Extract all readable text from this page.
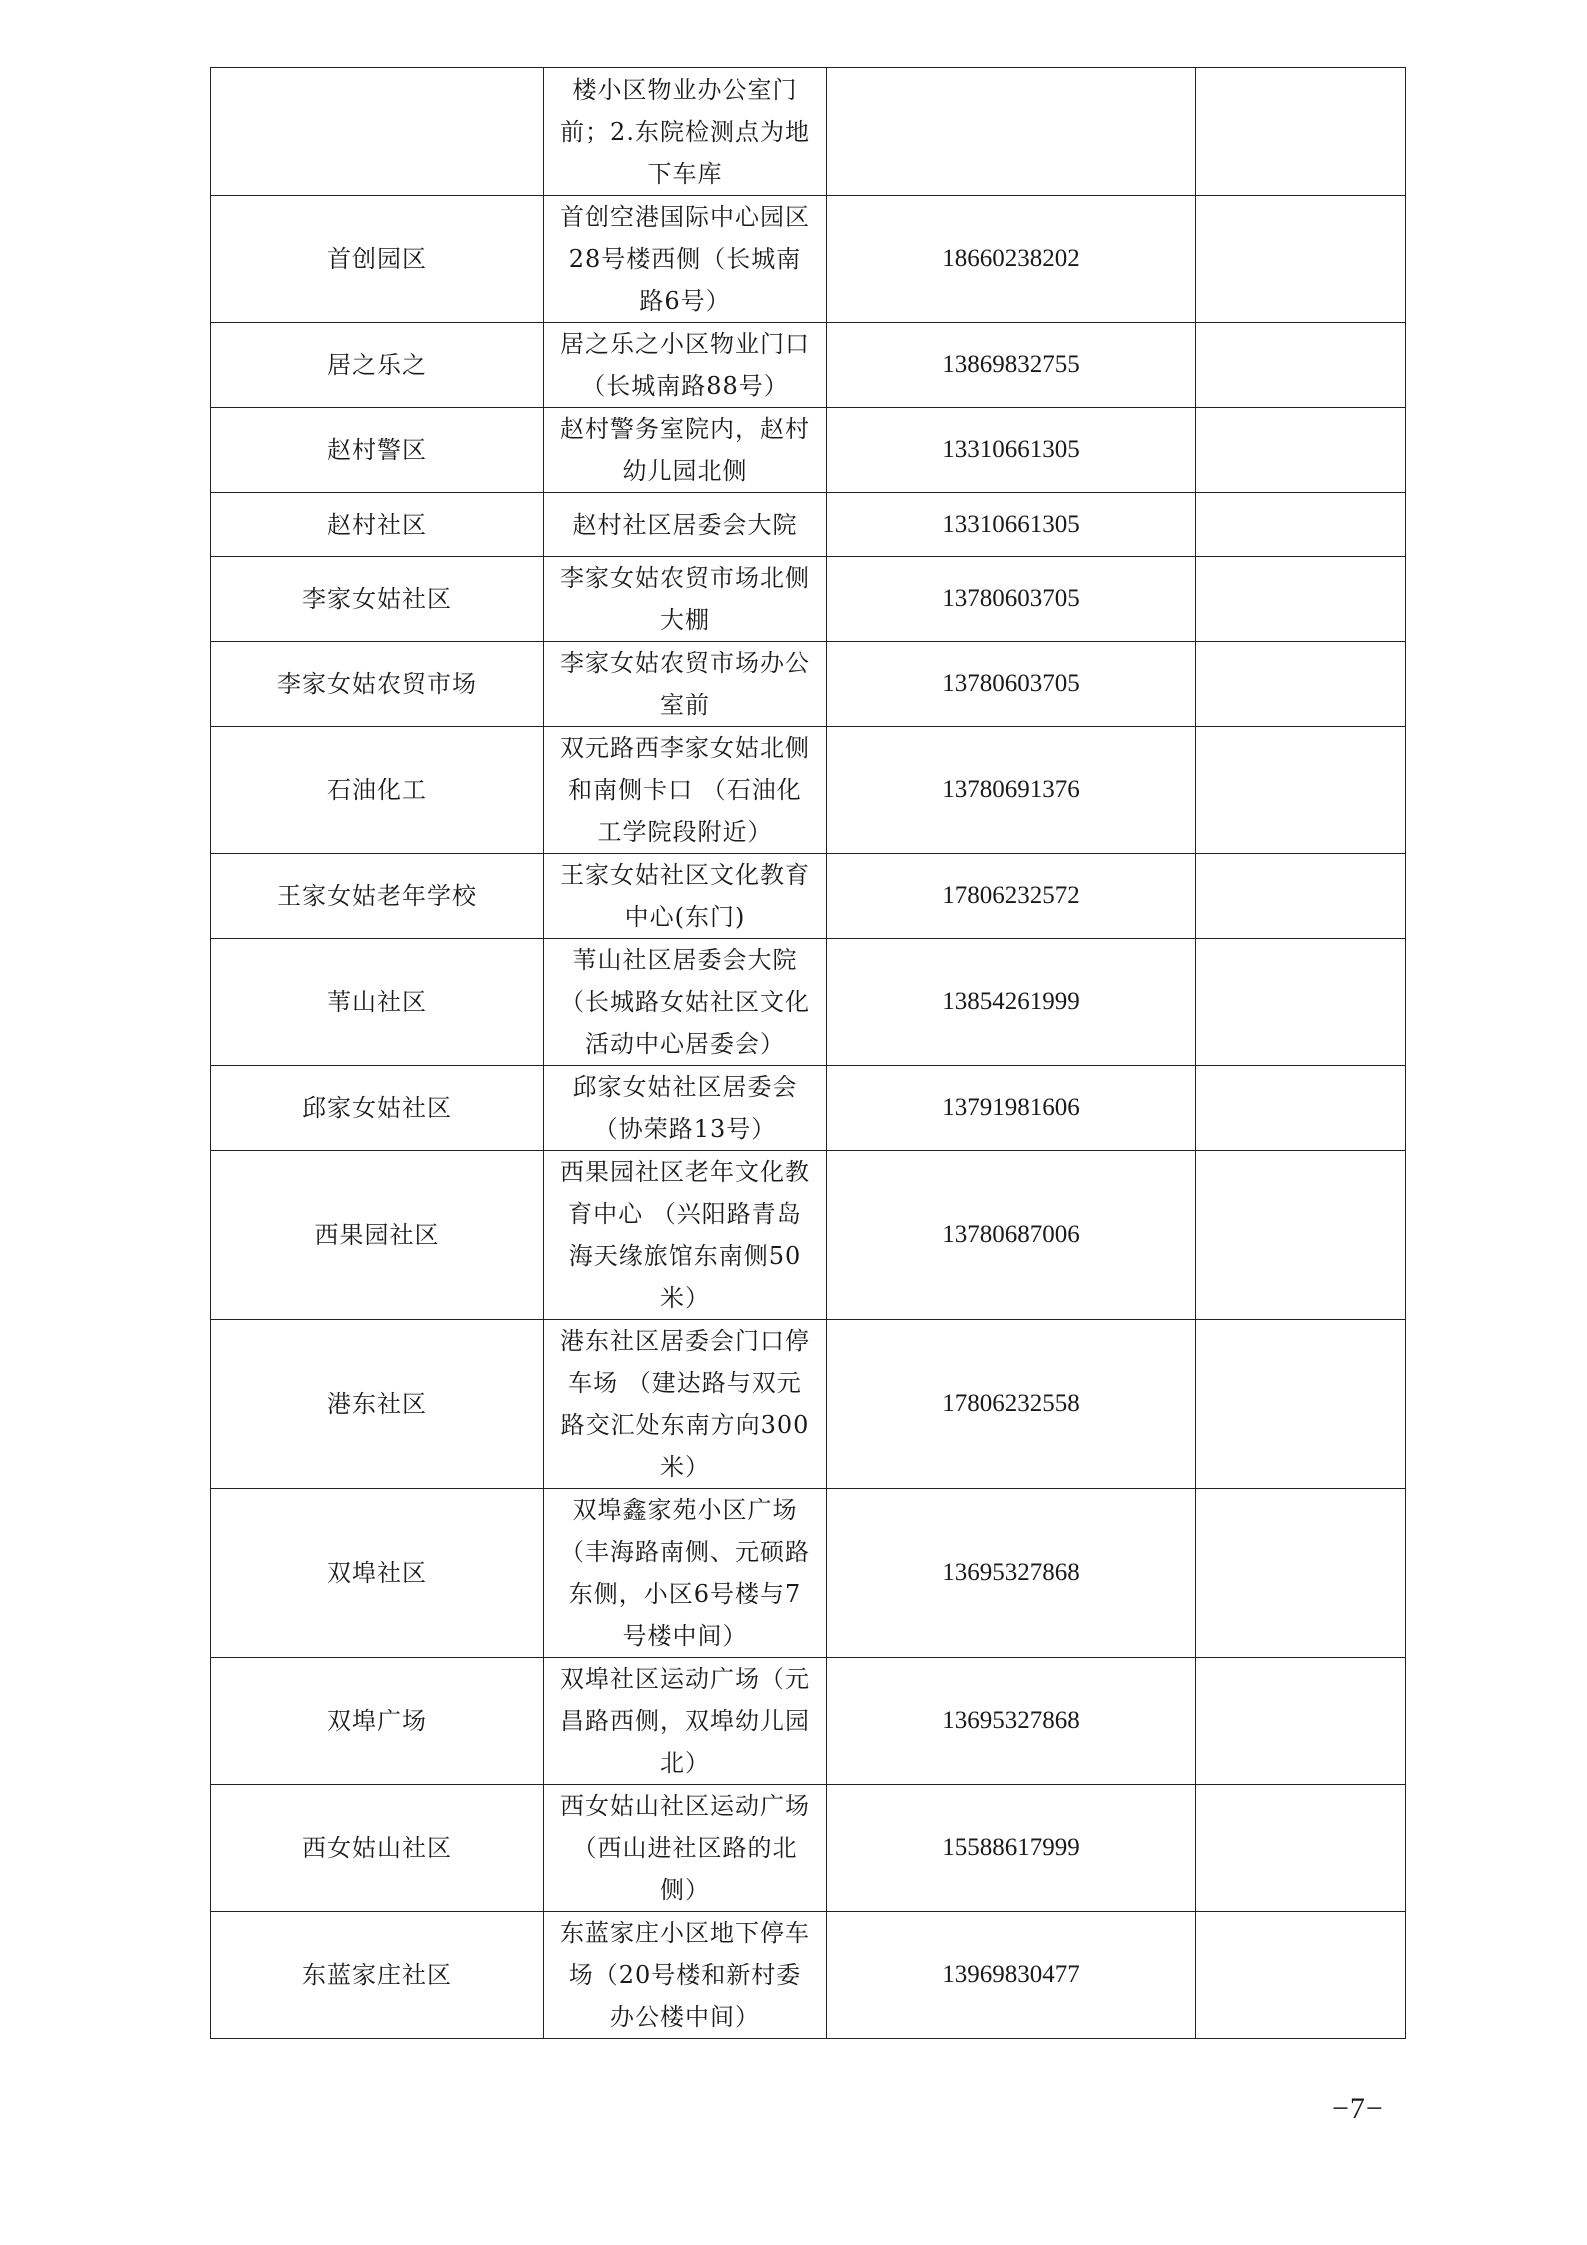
	楼小区物业办公室门前；2.东院检测点为地下车库		
首创园区	首创空港国际中心园区28号楼西侧（长城南路6号）	18660238202	
居之乐之	居之乐之小区物业门口（长城南路88号）	13869832755	
赵村警区	赵村警务室院内，赵村幼儿园北侧	13310661305	
赵村社区	赵村社区居委会大院	13310661305	
李家女姑社区	李家女姑农贸市场北侧大棚	13780603705	
李家女姑农贸市场	李家女姑农贸市场办公室前	13780603705	
石油化工	双元路西李家女姑北侧和南侧卡口 （石油化工学院段附近）	13780691376	
王家女姑老年学校	王家女姑社区文化教育中心(东门)	17806232572	
苇山社区	苇山社区居委会大院（长城路女姑社区文化活动中心居委会）	13854261999	
邱家女姑社区	邱家女姑社区居委会（协荣路13号）	13791981606	
西果园社区	西果园社区老年文化教育中心 （兴阳路青岛海天缘旅馆东南侧50米）	13780687006	
港东社区	港东社区居委会门口停车场 （建达路与双元路交汇处东南方向300米）	17806232558	
双埠社区	双埠鑫家苑小区广场（丰海路南侧、元硕路东侧，小区6号楼与7号楼中间）	13695327868	
双埠广场	双埠社区运动广场（元昌路西侧，双埠幼儿园北）	13695327868	
西女姑山社区	西女姑山社区运动广场（西山进社区路的北侧）	15588617999	
东蓝家庄社区	东蓝家庄小区地下停车场（20号楼和新村委办公楼中间）	13969830477	
−7−
